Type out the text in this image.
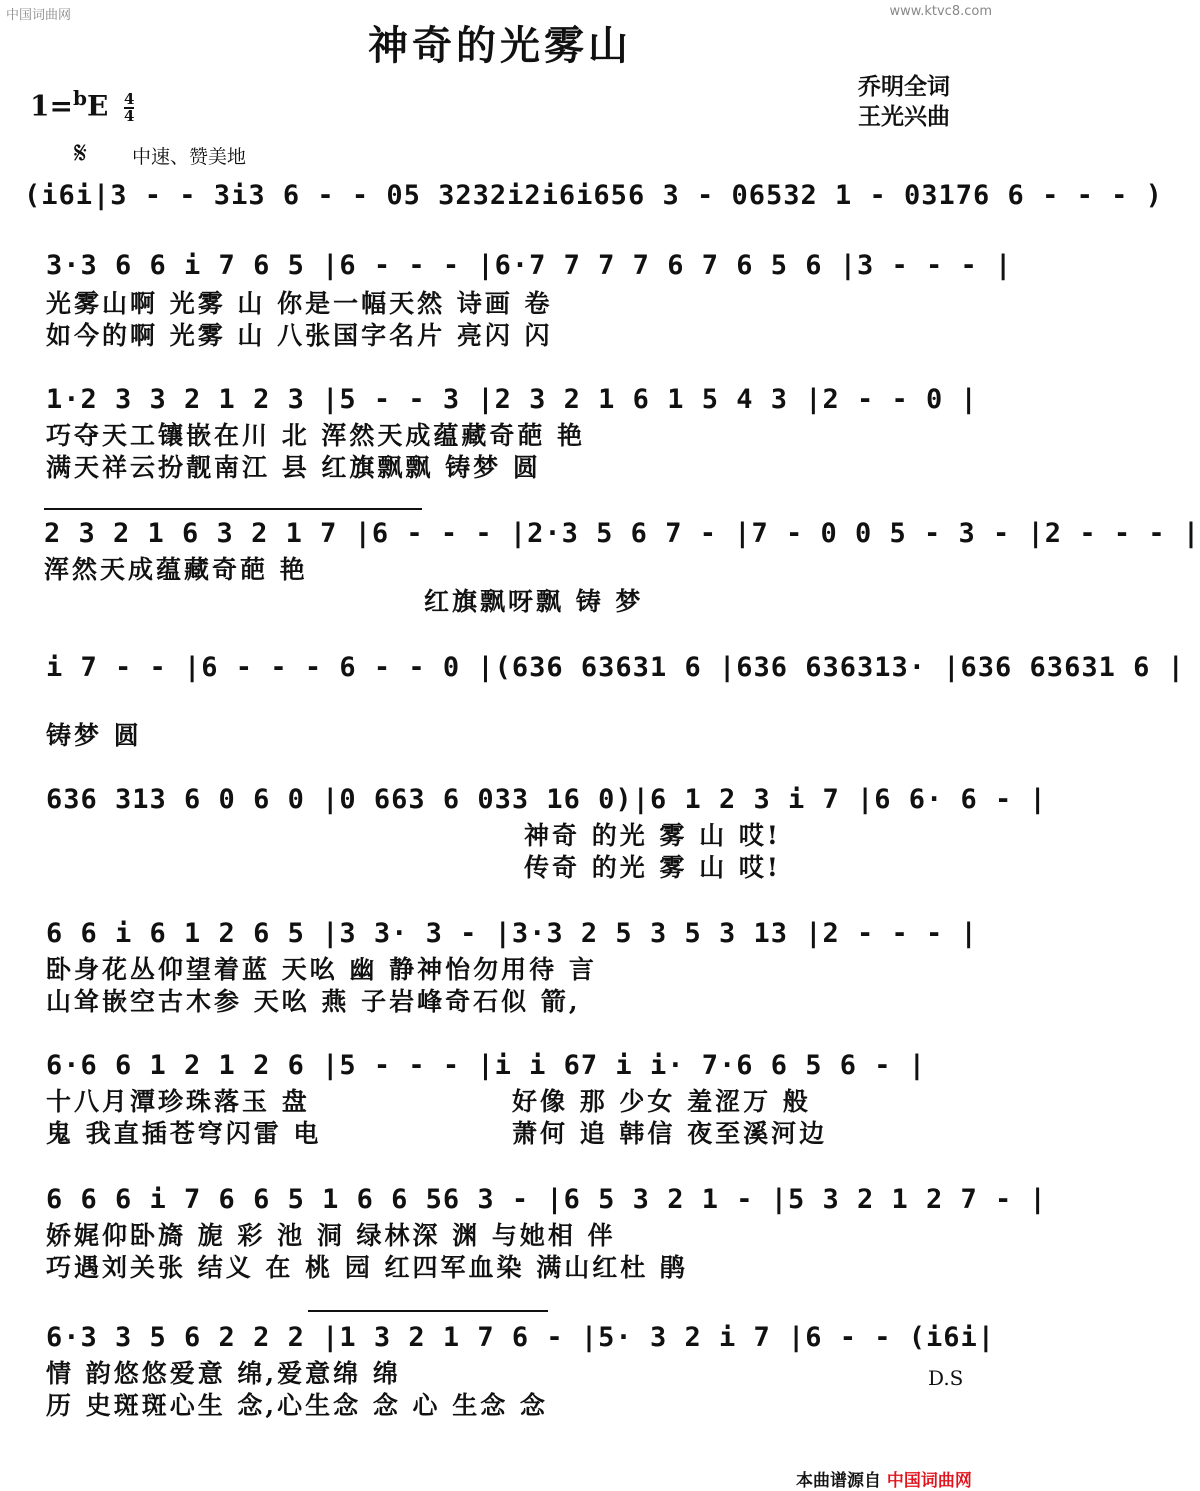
中国词曲网	www.ktvc8.com
神奇的光雾山
乔明全词
王光兴曲
$1=^bE \frac{4}{4}$
𝄋 中速、赞美地
(i6i|3 - - 3i3 6 - - 05 3232i2i6i656 3 - 06532 1 - 03176 6 - - - )
3·3 6 6 i 7 6 5 |6 - - - |6·7 7 7 7 6 7 6 5 6 |3 - - - |
光雾山啊 光雾 山 你是一幅天然 诗画 卷
如今的啊 光雾 山 八张国字名片 亮闪 闪
1·2 3 3 2 1 2 3 |5 - - 3 |2 3 2 1 6 1 5 4 3 |2 - - 0 |
巧夺天工镶嵌在川 北 浑然天成蕴藏奇葩 艳
满天祥云扮靓南江 县 红旗飘飘 铸梦 圆
2 3 2 1 6 3 2 1 7 |6 - - - |2·3 5 6 7 - |7 - 0 0 5 - 3 - |2 - - - |
浑然天成蕴藏奇葩 艳
红旗飘呀飘 铸 梦
i 7 - - |6 - - - 6 - - 0 |(636 63631 6 |636 636313· |636 63631 6 |
铸梦 圆
636 313 6 0 6 0 |0 663 6 033 16 0)|6 1 2 3 i 7 |6 6· 6 - |
神奇 的光 雾 山 哎!
传奇 的光 雾 山 哎!
6 6 i 6 1 2 6 5 |3 3· 3 - |3·3 2 5 3 5 3 13 |2 - - - |
卧身花丛仰望着蓝 天吆 幽 静神怡勿用待 言
山耸嵌空古木参 天吆 燕 子岩峰奇石似 箭,
6·6 6 1 2 1 2 6 |5 - - - |i i 67 i i· 7·6 6 5 6 - |
十八月潭珍珠落玉 盘
鬼 我直插苍穹闪雷 电
好像 那 少女 羞涩万 般
萧何 追 韩信 夜至溪河边
6 6 6 i 7 6 6 5 1 6 6 56 3 - |6 5 3 2 1 - |5 3 2 1 2 7 - |
娇娓仰卧旖 旎 彩 池 洞 绿林深 渊 与她相 伴
巧遇刘关张 结义 在 桃 园 红四军血染 满山红杜 鹃
6·3 3 5 6 2 2 2 |1 3 2 1 7 6 - |5· 3 2 i 7 |6 - - (i6i|
情 韵悠悠爱意 绵,爱意绵 绵
历 史斑斑心生 念,心生念 念 心 生念 念
D.S
本曲谱源自 中国词曲网
